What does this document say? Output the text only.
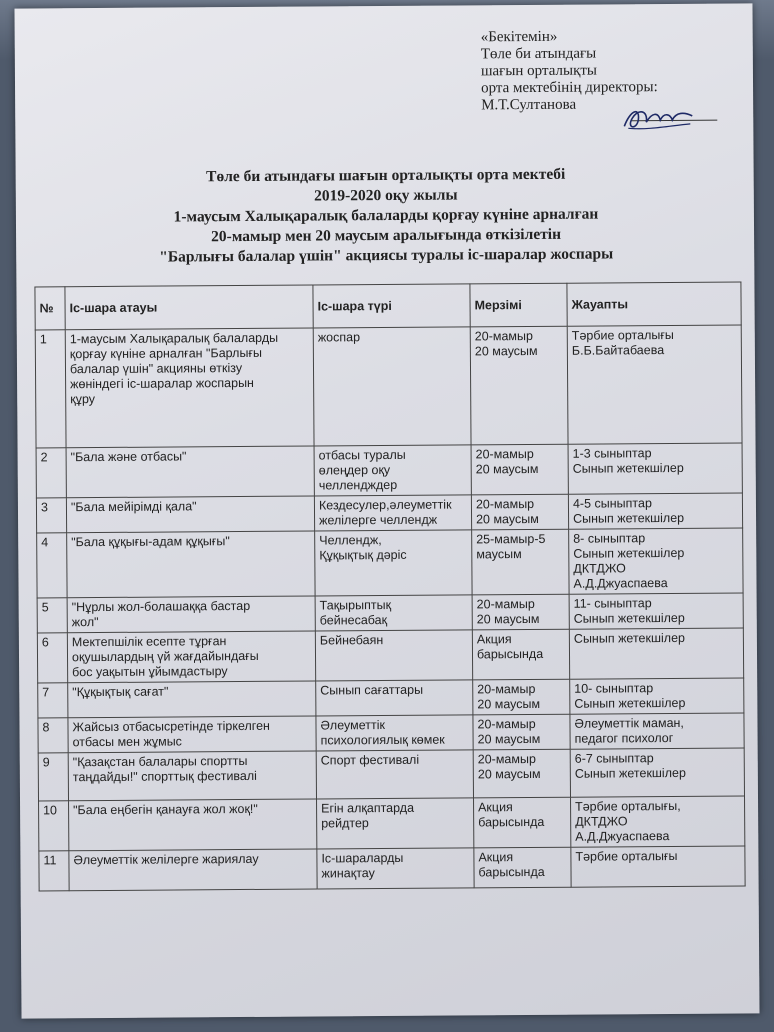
«Бекітемін»
Төле би атындағы
шағын орталықты
орта мектебінің директоры:
М.Т.Султанова
Төле би атындағы шағын орталықты орта мектебі
2019-2020 оқу жылы
1-маусым Халықаралық балаларды қорғау күніне арналған
20-мамыр мен 20 маусым аралығында өткізілетін
"Барлығы балалар үшін" акциясы туралы іс-шаралар жоспары
№	Іс-шара атауы	Іс-шара түрі	Мерзімі	Жауапты
1	1-маусым Халықаралық балаларды
қорғау күніне арналған "Барлығы
балалар үшін" акцияны өткізу
жөніндегі іс-шаралар жоспарын
құру	жоспар	20-мамыр
20 маусым	Тәрбие орталығы
Б.Б.Байтабаева

2	"Бала және отбасы"	отбасы туралы
өлеңдер оқу
челлендждер	20-мамыр
20 маусым	1-3 сыныптар
Сынып жетекшілер

3	"Бала мейірімді қала"	Кездесулер,әлеуметтік
желілерге челлендж	20-мамыр
20 маусым	4-5 сыныптар
Сынып жетекшілер

4	"Бала құқығы-адам құқығы"	Челлендж,
Құқықтық дәріс	25-мамыр-5
маусым	8- сыныптар
Сынып жетекшілер
ДКТДЖО
А.Д.Джуаспаева

5	"Нұрлы жол-болашаққа бастар
жол"	Тақырыптық
бейнесабақ	20-мамыр
20 маусым	11- сыныптар
Сынып жетекшілер

6	Мектепшілік есепте тұрған
оқушылардың үй жағдайындағы
бос уақытын ұйымдастыру	Бейнебаян	Акция
барысында	Сынып жетекшілер

7	"Құқықтық сағат"	Сынып сағаттары	20-мамыр
20 маусым	10- сыныптар
Сынып жетекшілер

8	Жайсыз отбасысретінде тіркелген
отбасы мен жұмыс	Әлеуметтік
психологиялық көмек	20-мамыр
20 маусым	Әлеуметтік маман,
педагог психолог

9	"Қазақстан балалары спортты
таңдайды!" спорттық фестивалі	Спорт фестивалі	20-мамыр
20 маусым	6-7 сыныптар
Сынып жетекшілер

10	"Бала еңбегін қанауға жол жоқ!"	Егін алқаптарда
рейдтер	Акция
барысында	Тәрбие орталығы,
ДКТДЖО
А.Д.Джуаспаева

11	Әлеуметтік желілерге жариялау	Іс-шараларды
жинақтау	Акция
барысында	Тәрбие орталығы
